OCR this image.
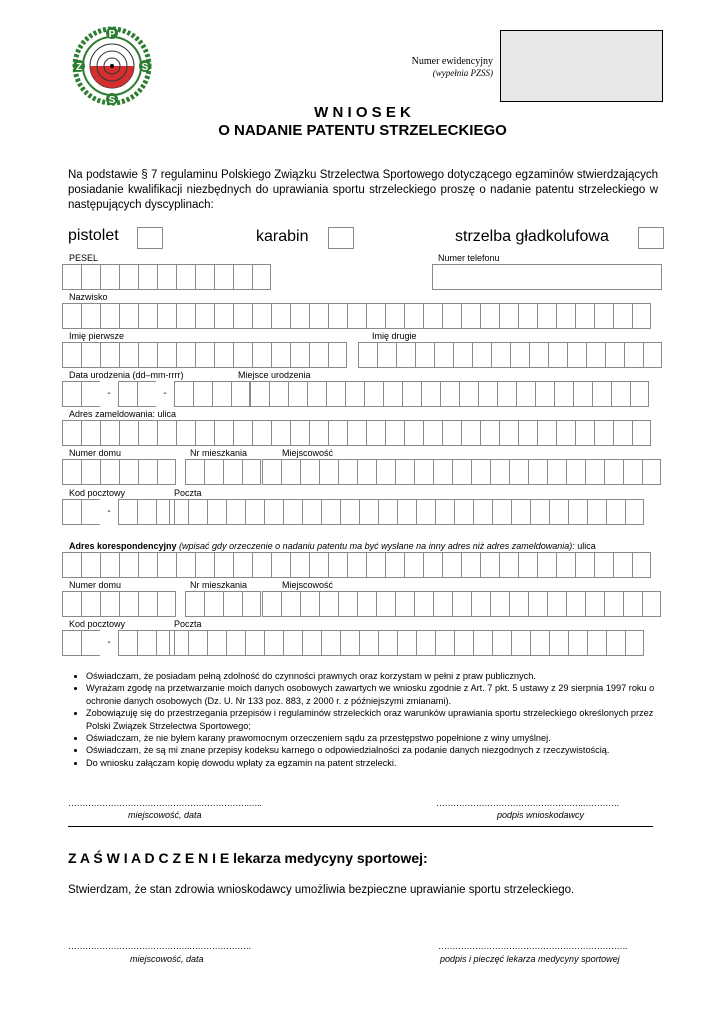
P
Z	S
S
Numer ewidencyjny
(wypełnia PZSS)
W N I O S E K
O NADANIE PATENTU STRZELECKIEGO
Na podstawie § 7 regulaminu Polskiego Związku Strzelectwa Sportowego dotyczącego egzaminów stwierdzających posiadanie kwalifikacji niezbędnych do uprawiania sportu strzeleckiego proszę o nadanie patentu strzeleckiego w następujących dyscyplinach:
pistolet	karabin	strzelba gładkolufowa
PESEL	Numer telefonu
Nazwisko
Imię pierwsze	Imię drugie
Data urodzenia (dd–mm-rrrr)	Miejsce urodzenia
-	-
Adres zameldowania: ulica
Numer domu	Nr mieszkania	Miejscowość
Kod pocztowy	Poczta
-
Adres korespondencyjny (wpisać gdy orzeczenie o nadaniu patentu ma być wysłane na inny adres niż adres zameldowania): ulica
Numer domu	Nr mieszkania	Miejscowość
Kod pocztowy	Poczta
-
• Oświadczam, że posiadam pełną zdolność do czynności prawnych oraz korzystam w pełni z praw publicznych.
• Wyrażam zgodę na przetwarzanie moich danych osobowych zawartych we wniosku zgodnie z Art. 7 pkt. 5 ustawy z 29 sierpnia 1997 roku o ochronie danych osobowych (Dz. U. Nr 133 poz. 883, z 2000 r. z późniejszymi zmianami).
• Zobowiązuję się do przestrzegania przepisów i regulaminów strzeleckich oraz warunków uprawiania sportu strzeleckiego określonych przez Polski Związek Strzelectwa Sportowego;
• Oświadczam, że nie byłem karany prawomocnym orzeczeniem sądu za przestępstwo popełnione z winy umyślnej.
• Oświadczam, że są mi znane przepisy kodeksu karnego o odpowiedzialności za podanie danych niezgodnych z rzeczywistością.
• Do wniosku załączam kopię dowodu wpłaty za egzamin na patent strzelecki.
……………………………………………………….…..	…………………………………………….………….
miejscowość, data	podpis wnioskodawcy
Z A Ś W I A D C Z E N I E lekarza medycyny sportowej:
Stwierdzam, że stan zdrowia wnioskodawcy umożliwia bezpieczne uprawianie sportu strzeleckiego.
…………………………………….………………….	………………………………………………………….
miejscowość, data	podpis i pieczęć lekarza medycyny sportowej
